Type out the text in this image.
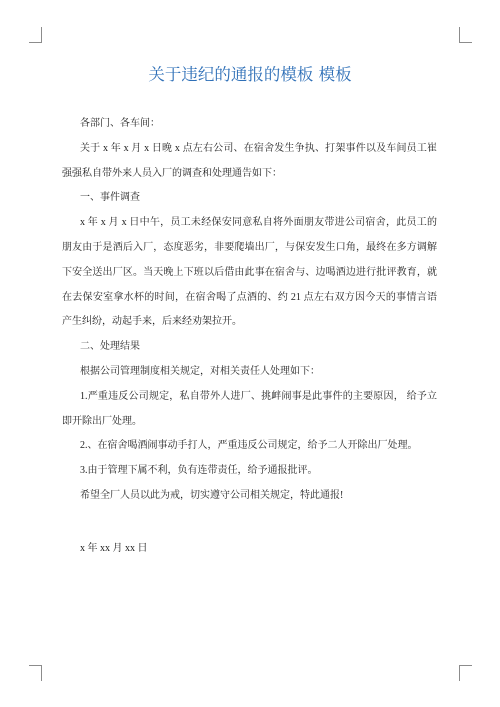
关于违纪的通报的模板 模板
各部门、各车间：
关于 x 年 x 月 x 日晚 x 点左右公司、在宿舍发生争执、打架事件以及车间员工崔
强强私自带外来人员入厂的调查和处理通告如下：
一、事件调查
x 年 x 月 x 日中午，员工未经保安同意私自将外面朋友带进公司宿舍，此员工的
朋友由于是酒后入厂，态度恶劣，非要爬墙出厂，与保安发生口角，最终在多方调解
下安全送出厂区。当天晚上下班以后借由此事在宿舍与、边喝酒边进行批评教育，就
在去保安室拿水杯的时间，在宿舍喝了点酒的、约 21 点左右双方因今天的事情言语
产生纠纷，动起手来，后来经劝架拉开。
二、处理结果
根据公司管理制度相关规定，对相关责任人处理如下：
1.严重违反公司规定，私自带外人进厂、挑衅闹事是此事件的主要原因， 给予立
即开除出厂处理。
2.、在宿舍喝酒闹事动手打人，严重违反公司规定，给予二人开除出厂处理。
3.由于管理下属不利，负有连带责任，给予通报批评。
希望全厂人员以此为戒，切实遵守公司相关规定，特此通报!
x 年 xx 月 xx 日
